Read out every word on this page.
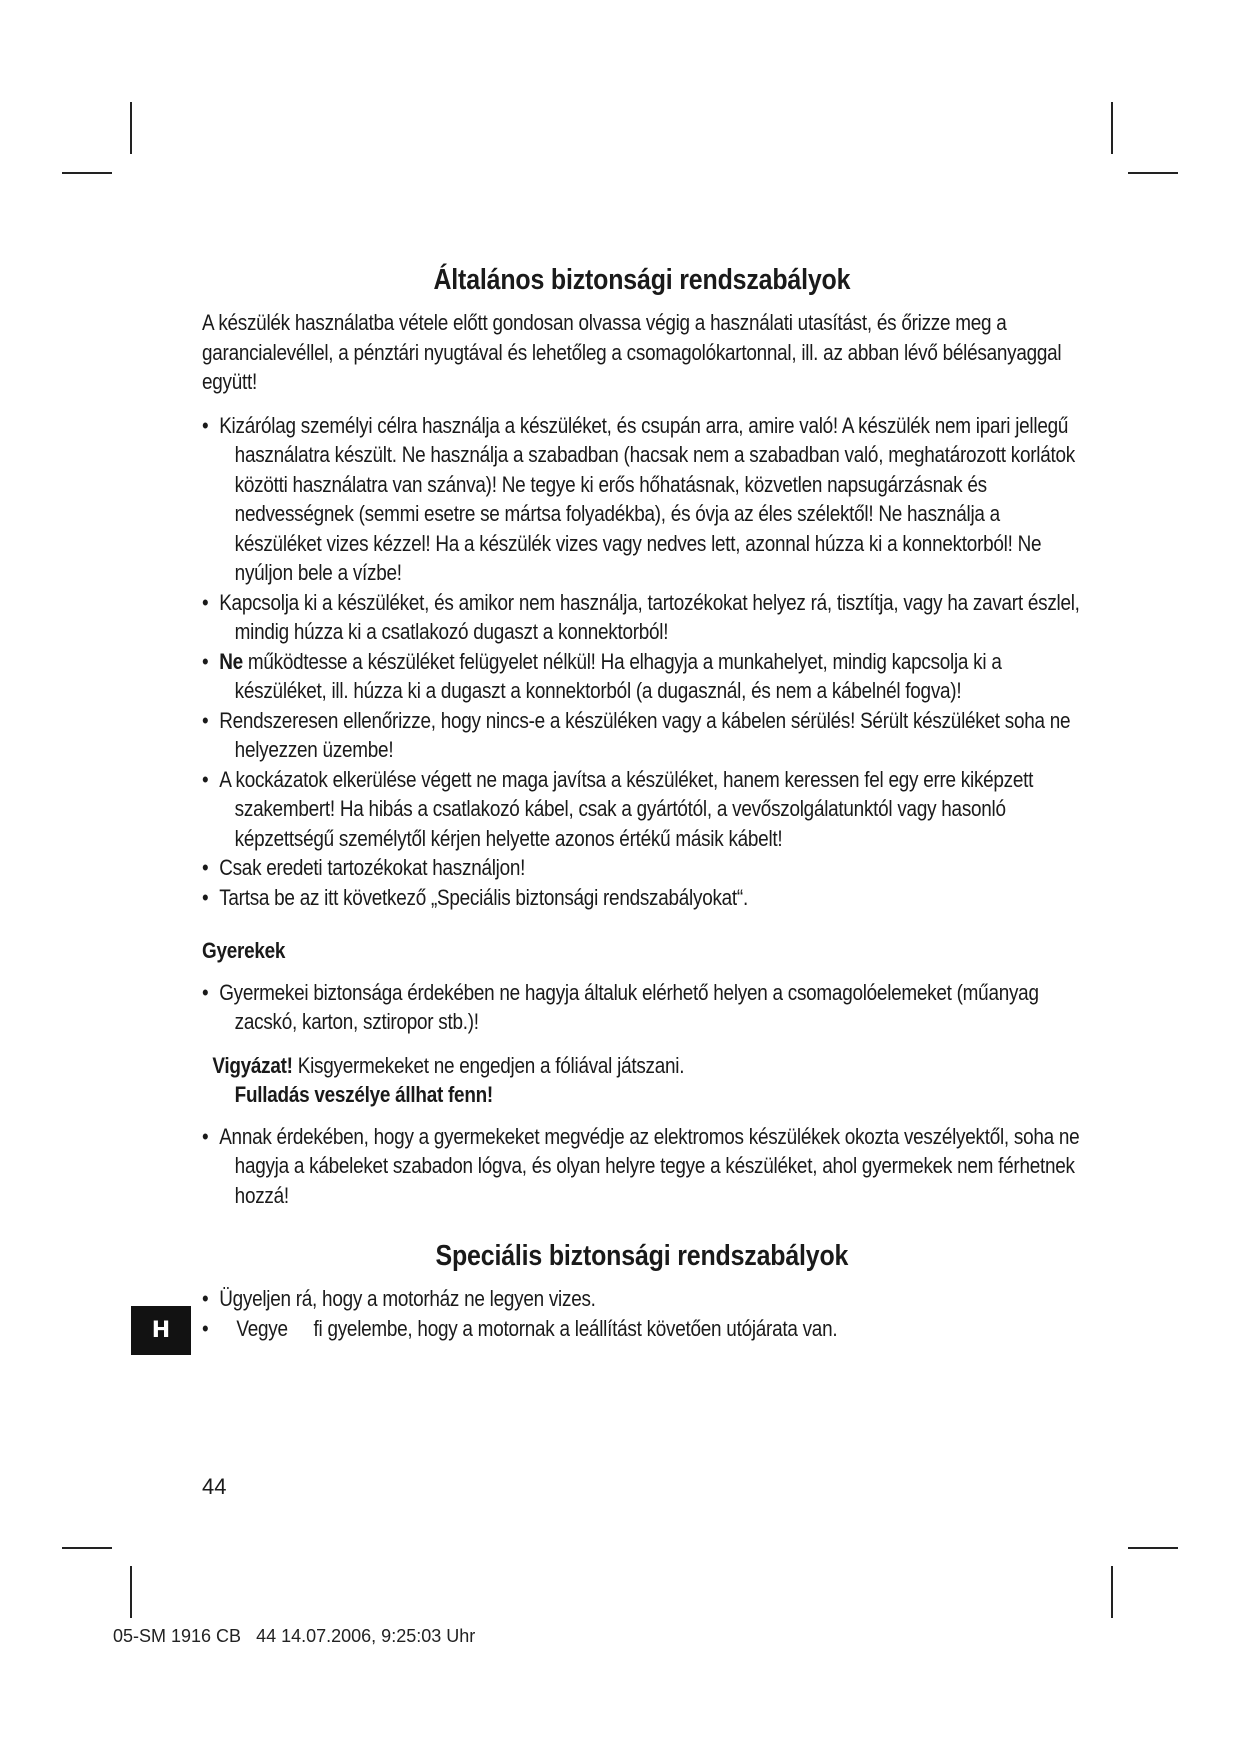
Általános biztonsági rendszabályok

A készülék használatba vétele előtt gondosan olvassa végig a használati utasítást, és őrizze meg a garancialevéllel, a pénztári nyugtával és lehetőleg a csomagolókartonnal, ill. az abban lévő bélésanyaggal együtt!

• Kizárólag személyi célra használja a készüléket, és csupán arra, amire való! A készülék nem ipari jellegű használatra készült. Ne használja a szabadban (hacsak nem a szabadban való, meghatározott korlátok közötti használatra van szánva)! Ne tegye ki erős hőhatásnak, közvetlen napsugárzásnak és nedvességnek (semmi esetre se mártsa folyadékba), és óvja az éles szélektől! Ne használja a készüléket vizes kézzel! Ha a készülék vizes vagy nedves lett, azonnal húzza ki a konnektorból! Ne nyúljon bele a vízbe!
• Kapcsolja ki a készüléket, és amikor nem használja, tartozékokat helyez rá, tisztítja, vagy ha zavart észlel, mindig húzza ki a csatlakozó dugaszt a konnektorból!
• Ne működtesse a készüléket felügyelet nélkül! Ha elhagyja a munkahelyet, mindig kapcsolja ki a készüléket, ill. húzza ki a dugaszt a konnektorból (a dugasznál, és nem a kábelnél fogva)!
• Rendszeresen ellenőrizze, hogy nincs-e a készüléken vagy a kábelen sérülés! Sérült készüléket soha ne helyezzen üzembe!
• A kockázatok elkerülése végett ne maga javítsa a készüléket, hanem keressen fel egy erre kiképzett szakembert! Ha hibás a csatlakozó kábel, csak a gyártótól, a vevőszolgálatunktól vagy hasonló képzettségű személytől kérjen helyette azonos értékű másik kábelt!
• Csak eredeti tartozékokat használjon!
• Tartsa be az itt következő „Speciális biztonsági rendszabályokat“.
Gyerekek
• Gyermekei biztonsága érdekében ne hagyja általuk elérhető helyen a csomagolóelemeket (műanyag zacskó, karton, sztiropor stb.)!
Vigyázat! Kisgyermekeket ne engedjen a fóliával játszani.
Fulladás veszélye állhat fenn!
• Annak érdekében, hogy a gyermekeket megvédje az elektromos készülékek okozta veszélyektől, soha ne hagyja a kábeleket szabadon lógva, és olyan helyre tegye a készüléket, ahol gyermekek nem férhetnek hozzá!
Speciális biztonsági rendszabályok
• Ügyeljen rá, hogy a motorház ne legyen vizes.
• Vegye fi gyelembe, hogy a motornak a leállítást követően utójárata van.
H
44
05-SM 1916 CB   44 14.07.2006, 9:25:03 Uhr
